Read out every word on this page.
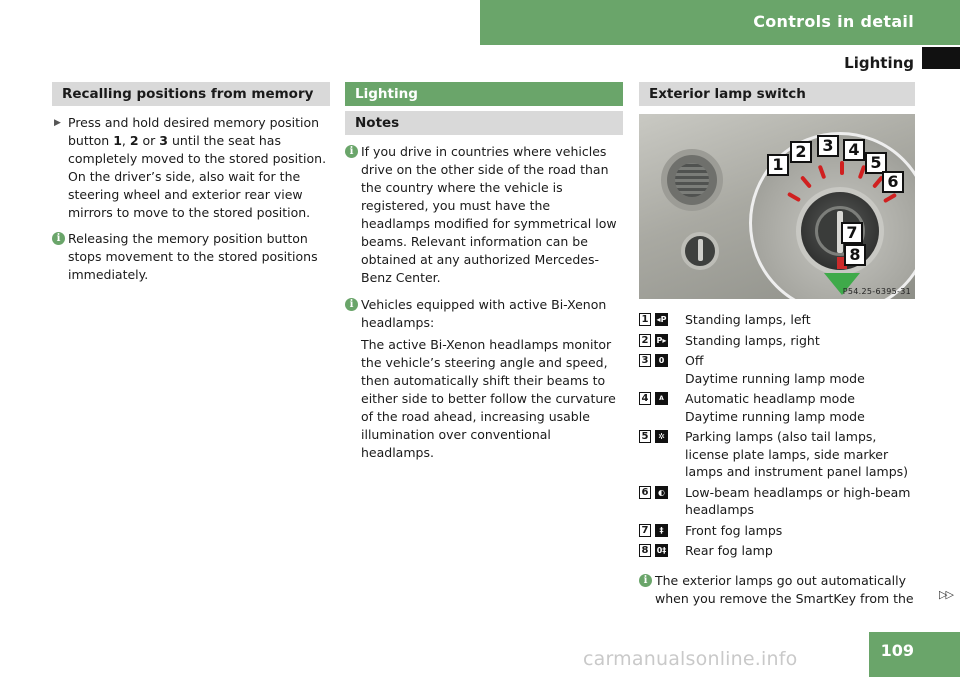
Controls in detail
Lighting
Recalling positions from memory
▶ Press and hold desired memory position button 1, 2 or 3 until the seat has completely moved to the stored position. On the driver’s side, also wait for the steering wheel and exterior rear view mirrors to move to the stored position.
i Releasing the memory position button stops movement to the stored positions immediately.
Lighting
Notes
i If you drive in countries where vehicles drive on the other side of the road than the country where the vehicle is registered, you must have the headlamps modified for symmetrical low beams. Relevant information can be obtained at any authorized Mercedes-Benz Center.
i Vehicles equipped with active Bi-Xenon headlamps:
The active Bi-Xenon headlamps monitor the vehicle’s steering angle and speed, then automatically shift their beams to either side to better follow the curvature of the road ahead, increasing usable illumination over conventional headlamps.
Exterior lamp switch
1
2 3 4
5
6
7
8
P54.25-6395-31
1	◂P Standing lamps, left
2	P▸ Standing lamps, right
3	0 Off
Daytime running lamp mode
4	A	Automatic headlamp mode
Daytime running lamp mode
5	✲ Parking lamps (also tail lamps,
license plate lamps, side marker
lamps and instrument panel lamps)
6	◐ Low-beam headlamps or high-beam
headlamps
7	‡	Front fog lamps
8	0‡ Rear fog lamp
i The exterior lamps go out automatically when you remove the SmartKey from the ▷▷
109
carmanualsonline.info
